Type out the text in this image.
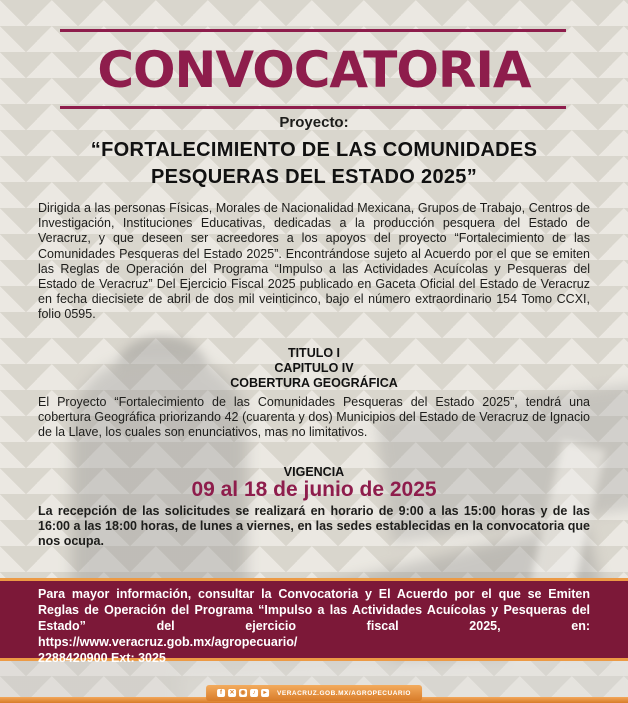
CONVOCATORIA
Proyecto:
“FORTALECIMIENTO DE LAS COMUNIDADES
PESQUERAS DEL ESTADO 2025”

Dirigida a las personas Físicas, Morales de Nacionalidad Mexicana, Grupos de Trabajo, Centros de Investigación, Instituciones Educativas, dedicadas a la producción pesquera del Estado de Veracruz, y que deseen ser acreedores a los apoyos del proyecto “Fortalecimiento de las Comunidades Pesqueras del Estado 2025”. Encontrándose sujeto al Acuerdo por el que se emiten las Reglas de Operación del Programa “Impulso a las Actividades Acuícolas y Pesqueras del Estado de Veracruz” Del Ejercicio Fiscal 2025 publicado en Gaceta Oficial del Estado de Veracruz en fecha diecisiete de abril de dos mil veinticinco, bajo el número extraordinario 154 Tomo CCXI, folio 0595.

TITULO I
CAPITULO IV
COBERTURA GEOGRÁFICA

El Proyecto “Fortalecimiento de las Comunidades Pesqueras del Estado 2025”, tendrá una cobertura Geográfica priorizando 42 (cuarenta y dos) Municipios del Estado de Veracruz de Ignacio de la Llave, los cuales son enunciativos, mas no limitativos.

VIGENCIA
09 al 18 de junio de 2025

La recepción de las solicitudes se realizará en horario de 9:00 a las 15:00 horas y de las 16:00 a las 18:00 horas, de lunes a viernes, en las sedes establecidas en la convocatoria que nos ocupa.

Para mayor información, consultar la Convocatoria y El Acuerdo por el que se Emiten Reglas de Operación del Programa “Impulso a las Actividades Acuícolas y Pesqueras del Estado” del ejercicio fiscal 2025, en:

https://www.veracruz.gob.mx/agropecuario/
2288420900 Ext: 3025
f	✕ ◉	♪	▸	VERACRUZ.GOB.MX/AGROPECUARIO
